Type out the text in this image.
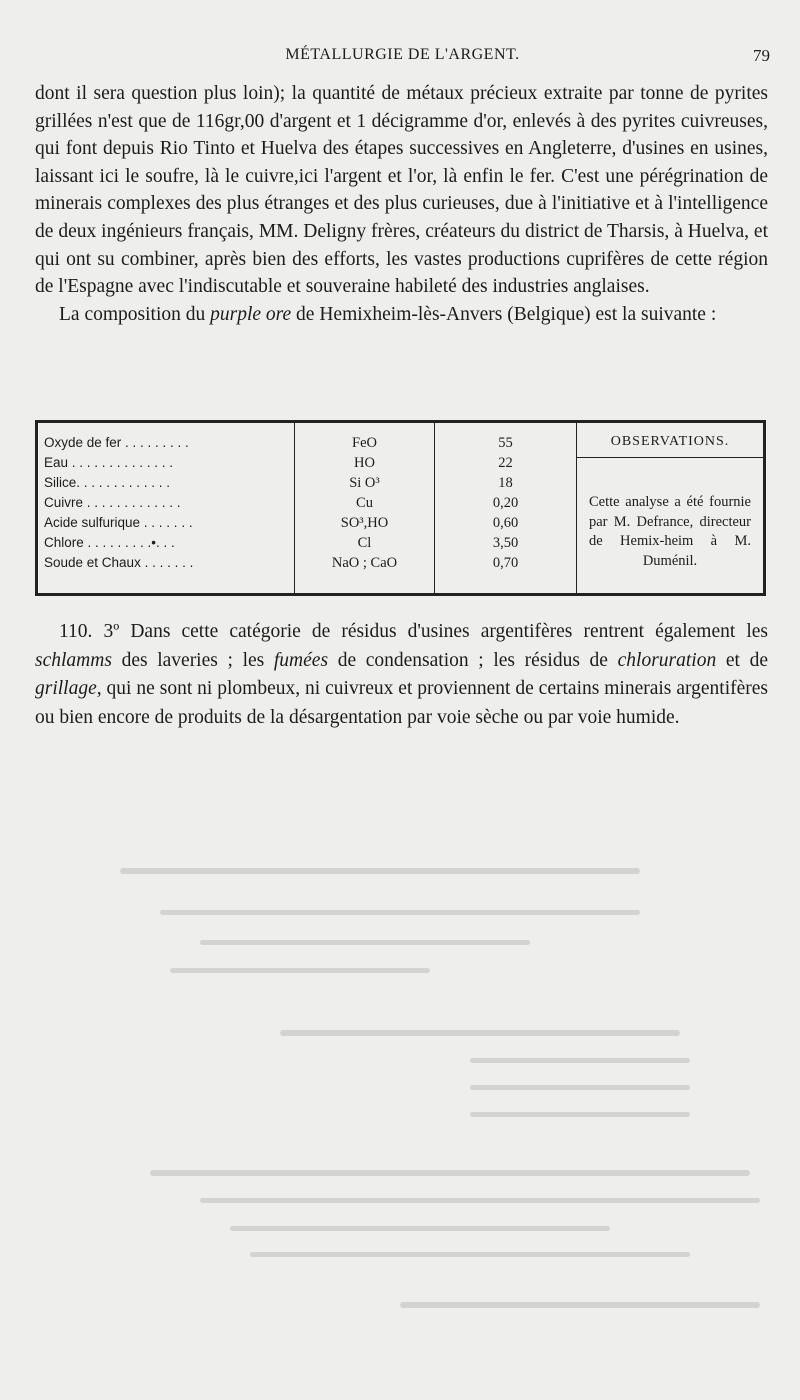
MÉTALLURGIE DE L'ARGENT.	79

dont il sera question plus loin); la quantité de métaux précieux extraite par tonne de pyrites grillées n'est que de 116gr,00 d'argent et 1 décigramme d'or, enlevés à des pyrites cuivreuses, qui font depuis Rio Tinto et Huelva des étapes successives en Angleterre, d'usines en usines, laissant ici le soufre, là le cuivre,ici l'argent et l'or, là enfin le fer. C'est une pérégrination de minerais complexes des plus étranges et des plus curieuses, due à l'initiative et à l'intelligence de deux ingénieurs français, MM. Deligny frères, créateurs du district de Tharsis, à Huelva, et qui ont su combiner, après bien des efforts, les vastes productions cuprifères de cette région de l'Espagne avec l'indiscutable et souveraine habileté des industries anglaises.

La composition du purple ore de Hemixheim-lès-Anvers (Belgique) est la suivante :

Oxyde de fer . . . . . . . . .
Eau . . . . . . . . . . . . . .
Silice. . . . . . . . . . . . .
Cuivre . . . . . . . . . . . . .
Acide sulfurique . . . . . . .
Chlore . . . . . . . . .•. . .
Soude et Chaux . . . . . . .
FeO
HO
Si O³
Cu
SO³,HO
Cl
NaO ; CaO
55
22
18
0,20
0,60
3,50
0,70
OBSERVATIONS.
Cette analyse a été fournie par M. Defrance, directeur de Hemix-heim à M. Duménil.

110. 3º Dans cette catégorie de résidus d'usines argentifères rentrent également les schlamms des laveries ; les fumées de condensation ; les résidus de chloruration et de grillage, qui ne sont ni plombeux, ni cuivreux et proviennent de certains minerais argentifères ou bien encore de produits de la désargentation par voie sèche ou par voie humide.
